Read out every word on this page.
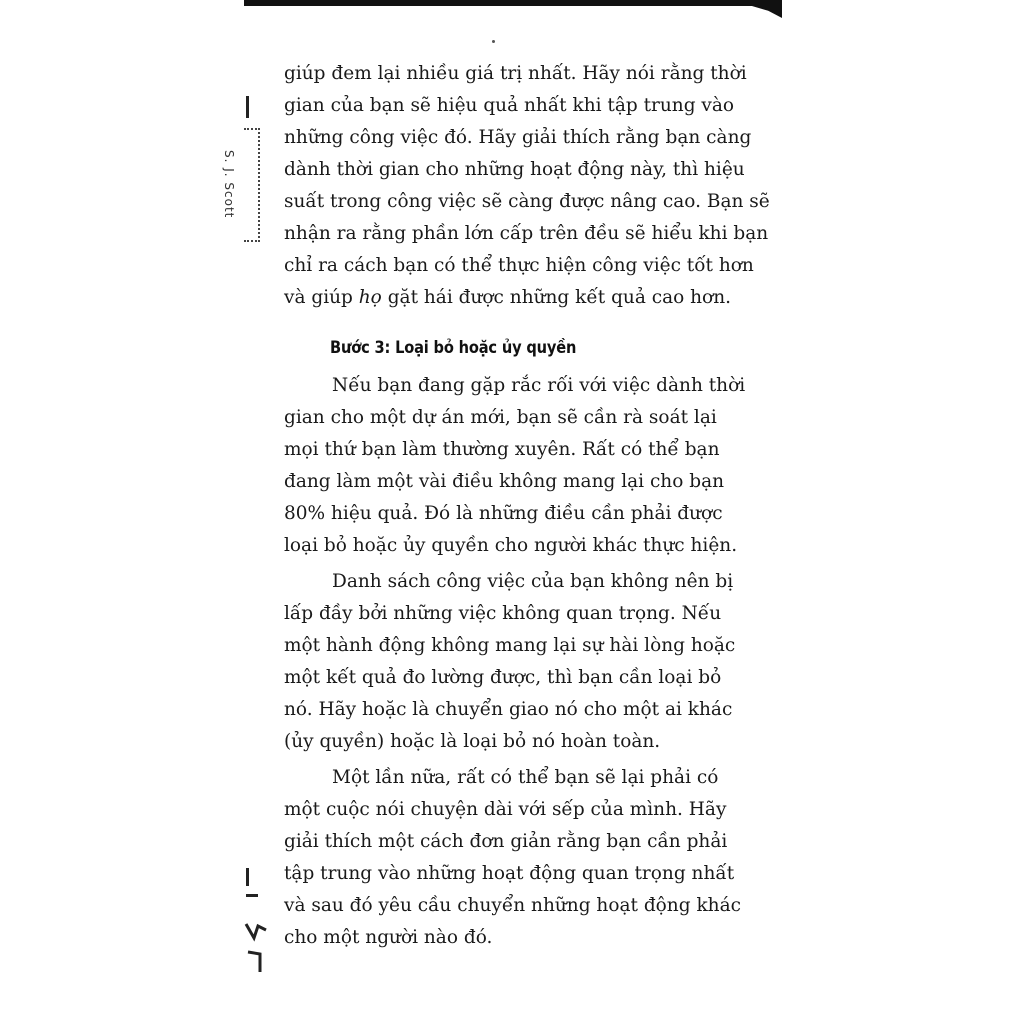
S. J. Scott
giúp đem lại nhiều giá trị nhất. Hãy nói rằng thời
gian của bạn sẽ hiệu quả nhất khi tập trung vào
những công việc đó. Hãy giải thích rằng bạn càng
dành thời gian cho những hoạt động này, thì hiệu
suất trong công việc sẽ càng được nâng cao. Bạn sẽ
nhận ra rằng phần lớn cấp trên đều sẽ hiểu khi bạn
chỉ ra cách bạn có thể thực hiện công việc tốt hơn
và giúp họ gặt hái được những kết quả cao hơn.
Bước 3: Loại bỏ hoặc ủy quyền
Nếu bạn đang gặp rắc rối với việc dành thời
gian cho một dự án mới, bạn sẽ cần rà soát lại
mọi thứ bạn làm thường xuyên. Rất có thể bạn
đang làm một vài điều không mang lại cho bạn
80% hiệu quả. Đó là những điều cần phải được
loại bỏ hoặc ủy quyền cho người khác thực hiện.
Danh sách công việc của bạn không nên bị
lấp đầy bởi những việc không quan trọng. Nếu
một hành động không mang lại sự hài lòng hoặc
một kết quả đo lường được, thì bạn cần loại bỏ
nó. Hãy hoặc là chuyển giao nó cho một ai khác
(ủy quyền) hoặc là loại bỏ nó hoàn toàn.
Một lần nữa, rất có thể bạn sẽ lại phải có
một cuộc nói chuyện dài với sếp của mình. Hãy
giải thích một cách đơn giản rằng bạn cần phải
tập trung vào những hoạt động quan trọng nhất
và sau đó yêu cầu chuyển những hoạt động khác
cho một người nào đó.
